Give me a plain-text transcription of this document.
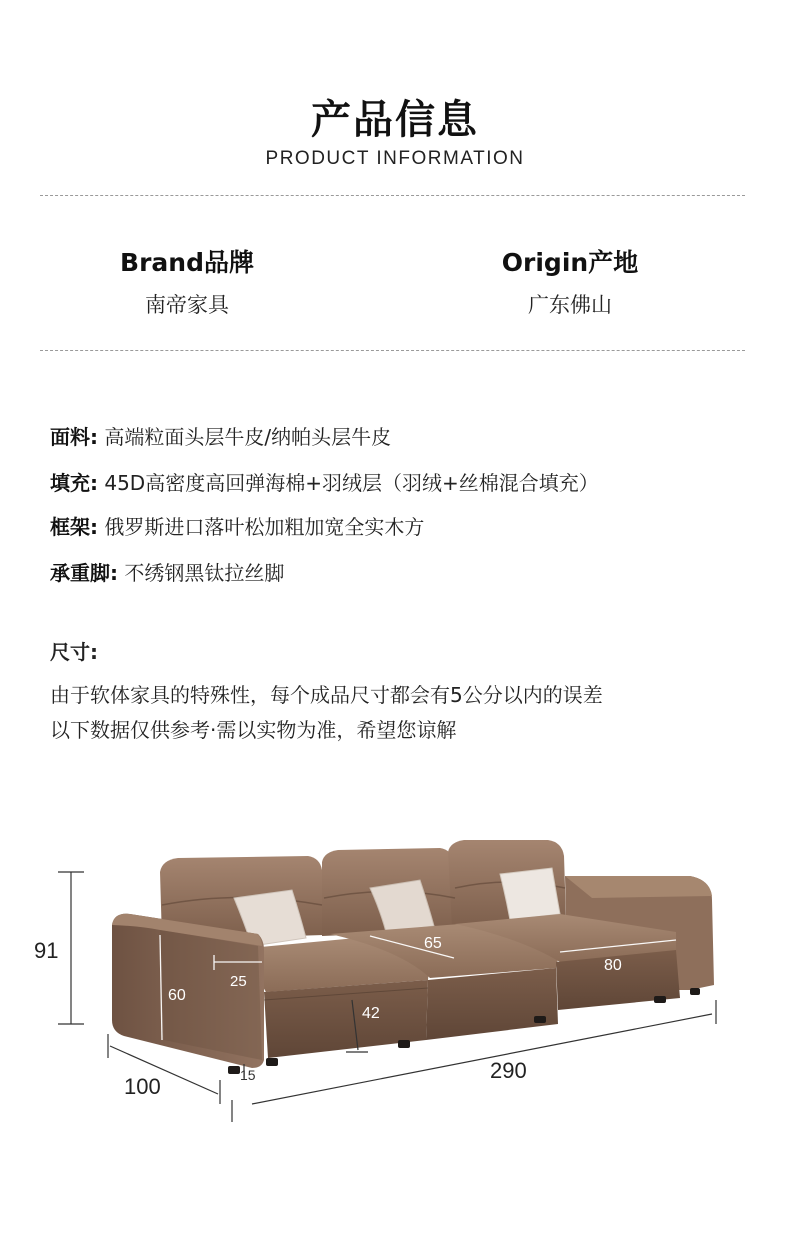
产品信息
PRODUCT INFORMATION
Brand品牌
南帝家具
Origin产地
广东佛山
面料: 高端粒面头层牛皮/纳帕头层牛皮
填充: 45D高密度高回弹海棉+羽绒层（羽绒+丝棉混合填充）
框架: 俄罗斯进口落叶松加粗加宽全实木方
承重脚: 不绣钢黑钛拉丝脚
尺寸:
由于软体家具的特殊性，每个成品尺寸都会有5公分以内的误差
以下数据仅供参考·需以实物为准，希望您谅解
91
60
25
42
65
80
15	290
100
